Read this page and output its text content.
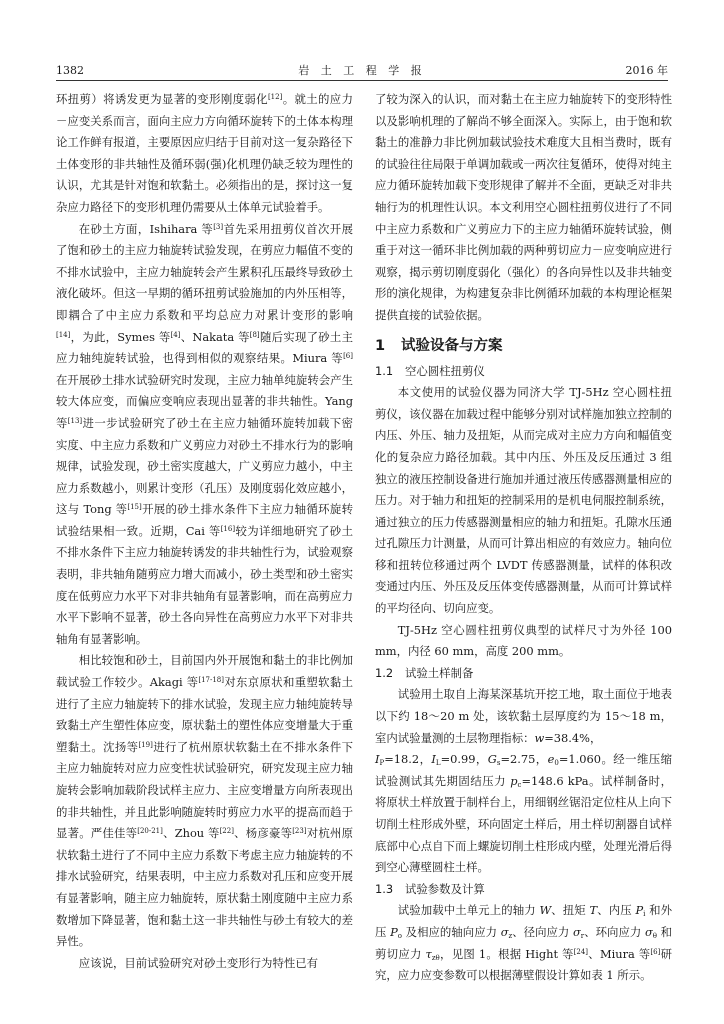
1382	岩 土 工 程 学 报	2016 年

环扭剪）将诱发更为显著的变形刚度弱化[12]。就土的应力－应变关系而言，面向主应力方向循环旋转下的土体本构理论工作鲜有报道，主要原因应归结于目前对这一复杂路径下土体变形的非共轴性及循环弱(强)化机理仍缺乏较为理性的认识，尤其是针对饱和软黏土。必须指出的是，探讨这一复杂应力路径下的变形机理仍需要从土体单元试验着手。

在砂土方面，Ishihara 等[3]首先采用扭剪仪首次开展了饱和砂土的主应力轴旋转试验发现，在剪应力幅值不变的不排水试验中，主应力轴旋转会产生累积孔压最终导致砂土液化破坏。但这一早期的循环扭剪试验施加的内外压相等，即耦合了中主应力系数和平均总应力对累计变形的影响[14]，为此，Symes 等[4]、Nakata 等[8]随后实现了砂土主应力轴纯旋转试验，也得到相似的观察结果。Miura 等[6]在开展砂土排水试验研究时发现，主应力轴单纯旋转会产生较大体应变，而偏应变响应表现出显著的非共轴性。Yang 等[13]进一步试验研究了砂土在主应力轴循环旋转加载下密实度、中主应力系数和广义剪应力对砂土不排水行为的影响规律，试验发现，砂土密实度越大，广义剪应力越小，中主应力系数越小，则累计变形（孔压）及刚度弱化效应越小，这与 Tong 等[15]开展的砂土排水条件下主应力轴循环旋转试验结果相一致。近期，Cai 等[16]较为详细地研究了砂土不排水条件下主应力轴旋转诱发的非共轴性行为，试验观察表明，非共轴角随剪应力增大而减小，砂土类型和砂土密实度在低剪应力水平下对非共轴角有显著影响，而在高剪应力水平下影响不显著，砂土各向异性在高剪应力水平下对非共轴角有显著影响。

相比较饱和砂土，目前国内外开展饱和黏土的非比例加载试验工作较少。Akagi 等[17-18]对东京原状和重塑软黏土进行了主应力轴旋转下的排水试验，发现主应力轴纯旋转导致黏土产生塑性体应变，原状黏土的塑性体应变增量大于重塑黏土。沈扬等[19]进行了杭州原状软黏土在不排水条件下主应力轴旋转对应力应变性状试验研究，研究发现主应力轴旋转会影响加载阶段试样主应力、主应变增量方向所表现出的非共轴性，并且此影响随旋转时剪应力水平的提高而趋于显著。严佳佳等[20-21]、Zhou 等[22]、杨彦豪等[23]对杭州原状软黏土进行了不同中主应力系数下考虑主应力轴旋转的不排水试验研究，结果表明，中主应力系数对孔压和应变开展有显著影响，随主应力轴旋转，原状黏土刚度随中主应力系数增加下降显著，饱和黏土这一非共轴性与砂土有较大的差异性。

应该说，目前试验研究对砂土变形行为特性已有

了较为深入的认识，而对黏土在主应力轴旋转下的变形特性以及影响机理的了解尚不够全面深入。实际上，由于饱和软黏土的准静力非比例加载试验技术难度大且相当费时，既有的试验往往局限于单调加载或一两次往复循环，使得对纯主应力循环旋转加载下变形规律了解并不全面，更缺乏对非共轴行为的机理性认识。本文利用空心圆柱扭剪仪进行了不同中主应力系数和广义剪应力下的主应力轴循环旋转试验，侧重于对这一循环非比例加载的两种剪切应力－应变响应进行观察，揭示剪切刚度弱化（强化）的各向异性以及非共轴变形的演化规律，为构建复杂非比例循环加载的本构理论框架提供直接的试验依据。

1 试验设备与方案
1.1 空心圆柱扭剪仪

本文使用的试验仪器为同济大学 TJ-5Hz 空心圆柱扭剪仪，该仪器在加载过程中能够分别对试样施加独立控制的内压、外压、轴力及扭矩，从而完成对主应力方向和幅值变化的复杂应力路径加载。其中内压、外压及反压通过 3 组独立的液压控制设备进行施加并通过液压传感器测量相应的压力。对于轴力和扭矩的控制采用的是机电伺服控制系统，通过独立的压力传感器测量相应的轴力和扭矩。孔隙水压通过孔隙压力计测量，从而可计算出相应的有效应力。轴向位移和扭转位移通过两个 LVDT 传感器测量，试样的体积改变通过内压、外压及反压体变传感器测量，从而可计算试样的平均径向、切向应变。

TJ-5Hz 空心圆柱扭剪仪典型的试样尺寸为外径 100 mm，内径 60 mm，高度 200 mm。

1.2 试验土样制备

试验用土取自上海某深基坑开挖工地，取土面位于地表以下约 18～20 m 处，该软黏土层厚度约为 15～18 m，室内试验量测的土层物理指标：w=38.4%，
$I_P=18.2$，$I_L=0.99$，$G_s=2.75$，$e_0=1.060$。经一维压缩试验测试其先期固结压力 $p_c=148.6$ kPa。试样制备时，将原状土样放置于制样台上，用细钢丝锯沿定位柱从上向下切削土柱形成外壁，环向固定土样后，用土样切割器自试样底部中心点自下而上螺旋切削土柱形成内壁，处理光滑后得到空心薄壁圆柱土样。

1.3 试验参数及计算

试验加载中土单元上的轴力 W、扭矩 T、内压 $P_i$ 和外压 $P_o$ 及相应的轴向应力 $\sigma_z$、径向应力 $\sigma_r$、环向应力 $\sigma_\theta$ 和剪切应力 $\tau_{z\theta}$，见图 1。根据 Hight 等[24]、Miura 等[6]研究，应力应变参数可以根据薄壁假设计算如表 1 所示。
